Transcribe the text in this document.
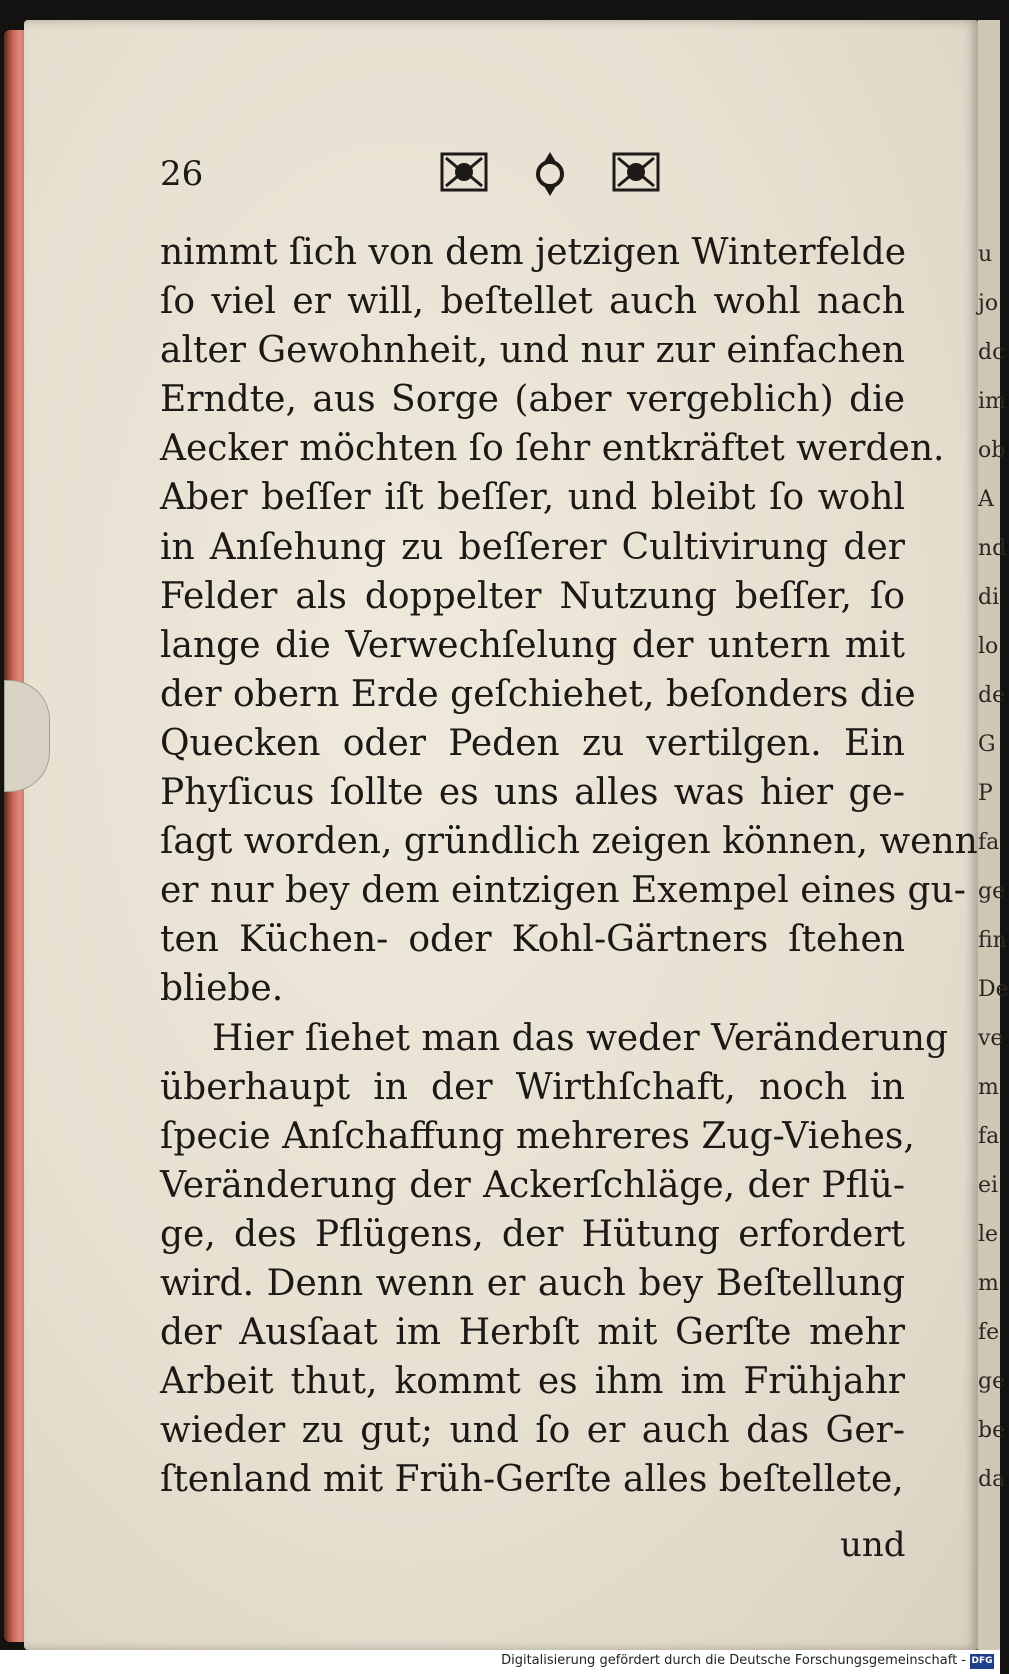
u
jo
dc
im
ob
A
nd
di
lo
de
G
P
fa
ge
fin
De
ve
m
fa
ei
le
m
fe
ge
be
da
26
nimmt ſich von dem jetzigen Winterfelde
ſo viel er will, beſtellet auch wohl nach
alter Gewohnheit, und nur zur einfachen
Erndte, aus Sorge (aber vergeblich) die
Aecker möchten ſo ſehr entkräftet werden.
Aber beſſer iſt beſſer, und bleibt ſo wohl
in Anſehung zu beſſerer Cultivirung der
Felder als doppelter Nutzung beſſer, ſo
lange die Verwechſelung der untern mit
der obern Erde geſchiehet, beſonders die
Quecken oder Peden zu vertilgen. Ein
Phyſicus ſollte es uns alles was hier ge-
ſagt worden, gründlich zeigen können, wenn
er nur bey dem eintzigen Exempel eines gu-
ten Küchen- oder Kohl-Gärtners ſtehen
bliebe.
Hier ſiehet man das weder Veränderung
überhaupt in der Wirthſchaft, noch in
ſpecie Anſchaffung mehreres Zug-Viehes,
Veränderung der Ackerſchläge, der Pflü-
ge, des Pflügens, der Hütung erfordert
wird. Denn wenn er auch bey Beſtellung
der Ausſaat im Herbſt mit Gerſte mehr
Arbeit thut, kommt es ihm im Frühjahr
wieder zu gut; und ſo er auch das Ger-
ſtenland mit Früh-Gerſte alles beſtellete,
und
Digitalisierung gefördert durch die Deutsche Forschungsgemeinschaft - DFG
